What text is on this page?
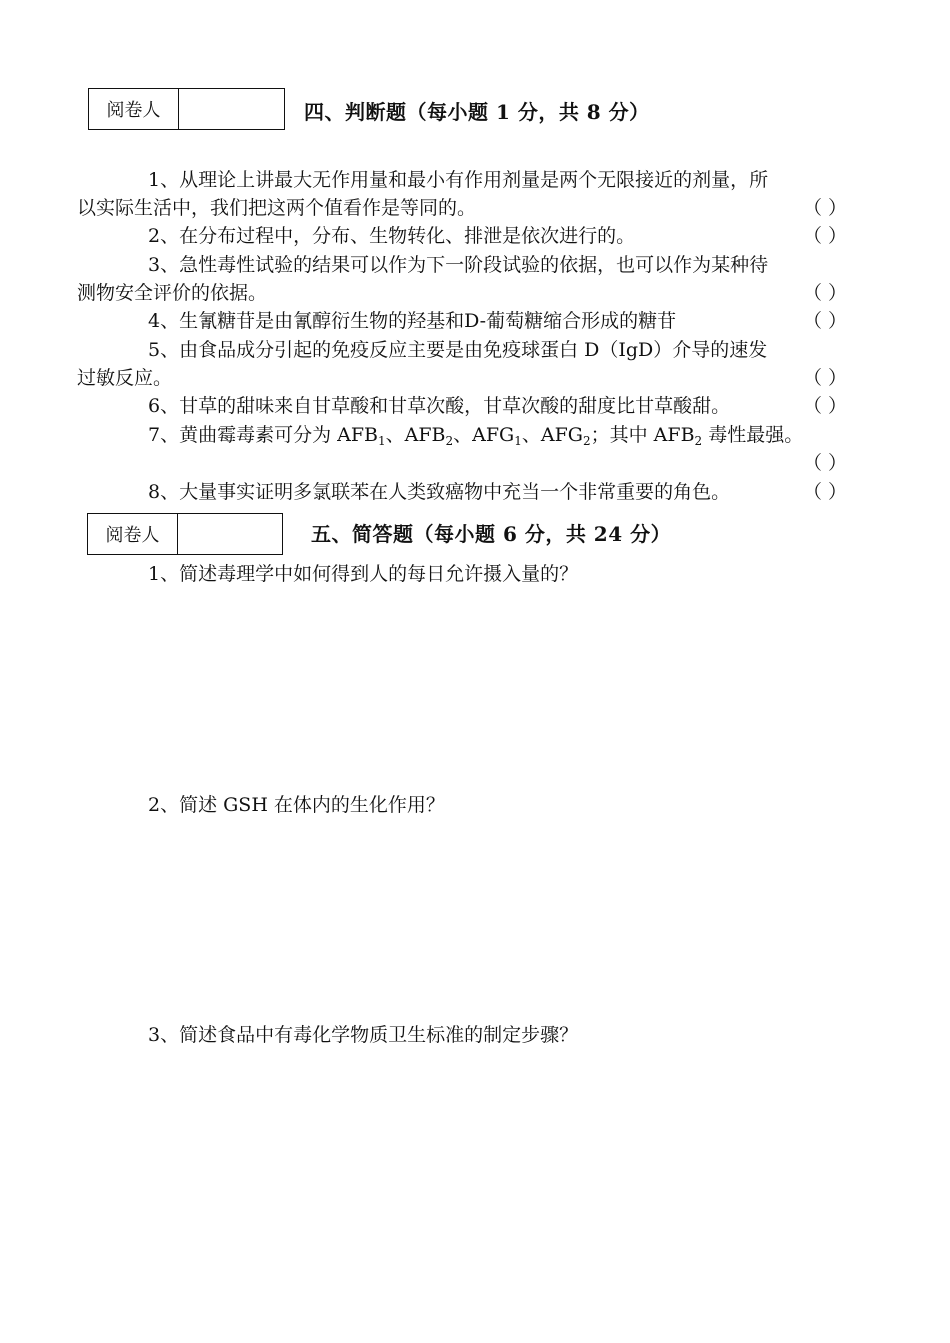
阅卷人	四、判断题（每小题 1 分，共 8 分）
1、从理论上讲最大无作用量和最小有作用剂量是两个无限接近的剂量，所
以实际生活中，我们把这两个值看作是等同的。	（ ）
2、在分布过程中，分布、生物转化、排泄是依次进行的。	（ ）
3、急性毒性试验的结果可以作为下一阶段试验的依据，也可以作为某种待
测物安全评价的依据。	（ ）
4、生氰糖苷是由氰醇衍生物的羟基和D-葡萄糖缩合形成的糖苷	（ ）
5、由食品成分引起的免疫反应主要是由免疫球蛋白 D（IgD）介导的速发
过敏反应。	（ ）
6、甘草的甜味来自甘草酸和甘草次酸，甘草次酸的甜度比甘草酸甜。	（ ）
7、黄曲霉毒素可分为 $AFB_1$、$AFB_2$、$AFG_1$、$AFG_2$；其中 $AFB_2$ 毒性最强。
（ ）
8、大量事实证明多氯联苯在人类致癌物中充当一个非常重要的角色。	（ ）
阅卷人	五、简答题（每小题 6 分，共 24 分）
1、简述毒理学中如何得到人的每日允许摄入量的？
2、简述 GSH 在体内的生化作用？
3、简述食品中有毒化学物质卫生标准的制定步骤？
